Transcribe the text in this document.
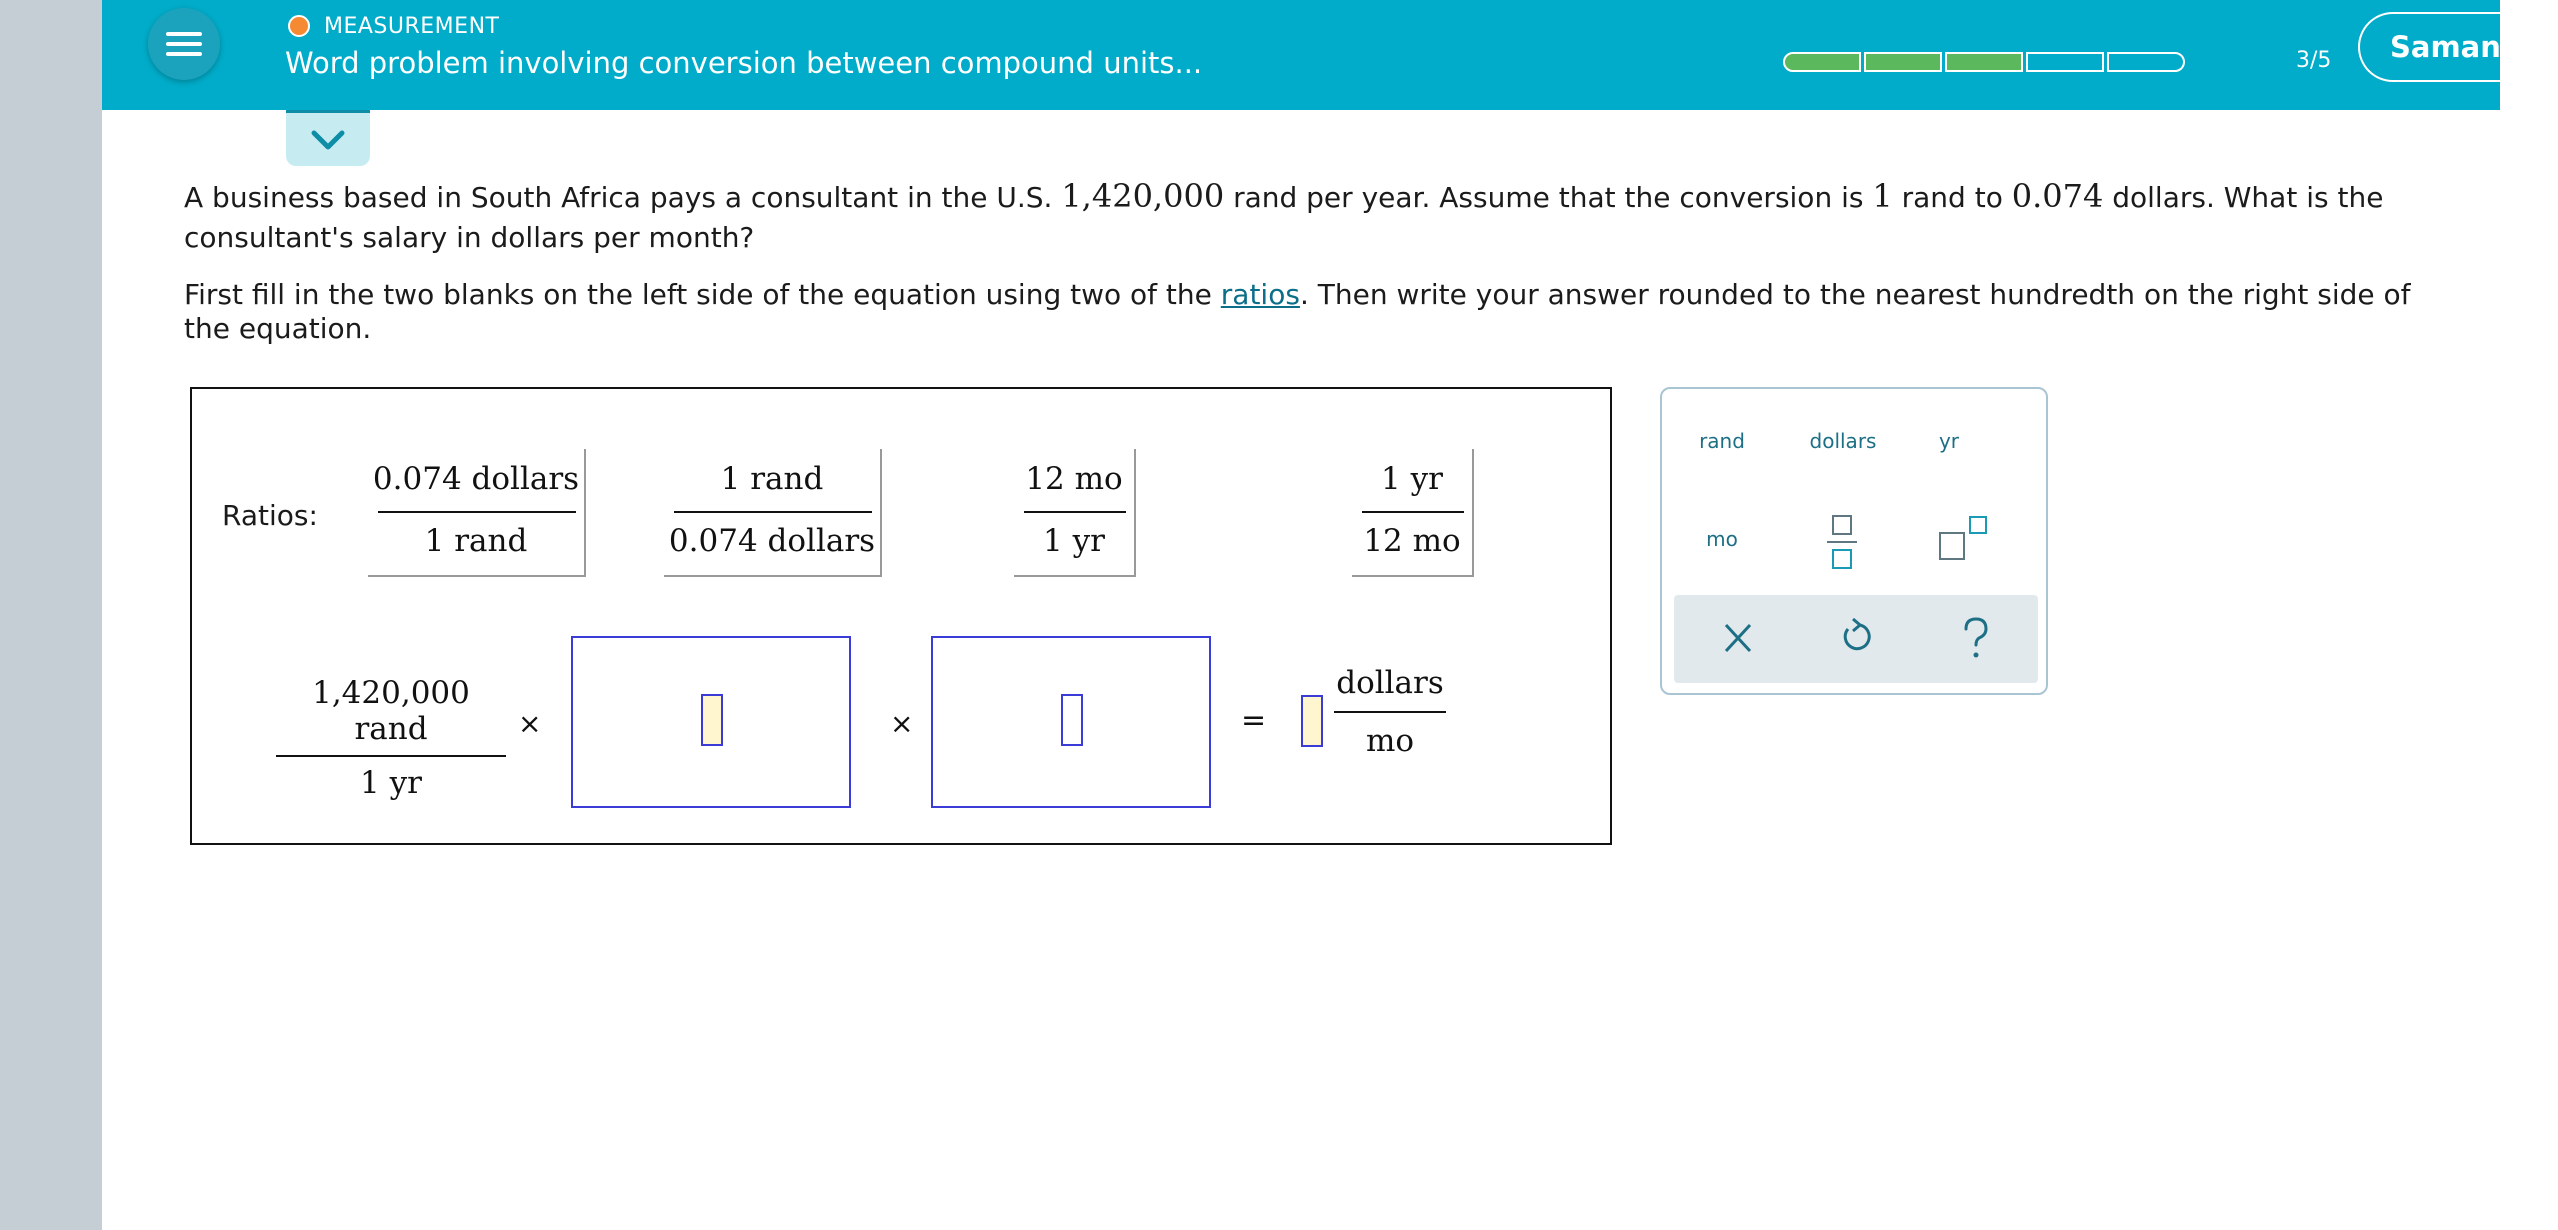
MEASUREMENT
Word problem involving conversion between compound units...	3/5 Samant
A business based in South Africa pays a consultant in the U.S. 1,420,000 rand per year. Assume that the conversion is 1 rand to 0.074 dollars. What is the consultant's salary in dollars per month?
First fill in the two blanks on the left side of the equation using two of the ratios. Then write your answer rounded to the nearest hundredth on the right side of the equation.
Ratios:
0.074 dollars
1 rand
1 rand
0.074 dollars
12 mo
1 yr
1 yr
12 mo
1,420,000 rand
1 yr
×	×	=
dollars
mo
rand	dollars	yr
mo
